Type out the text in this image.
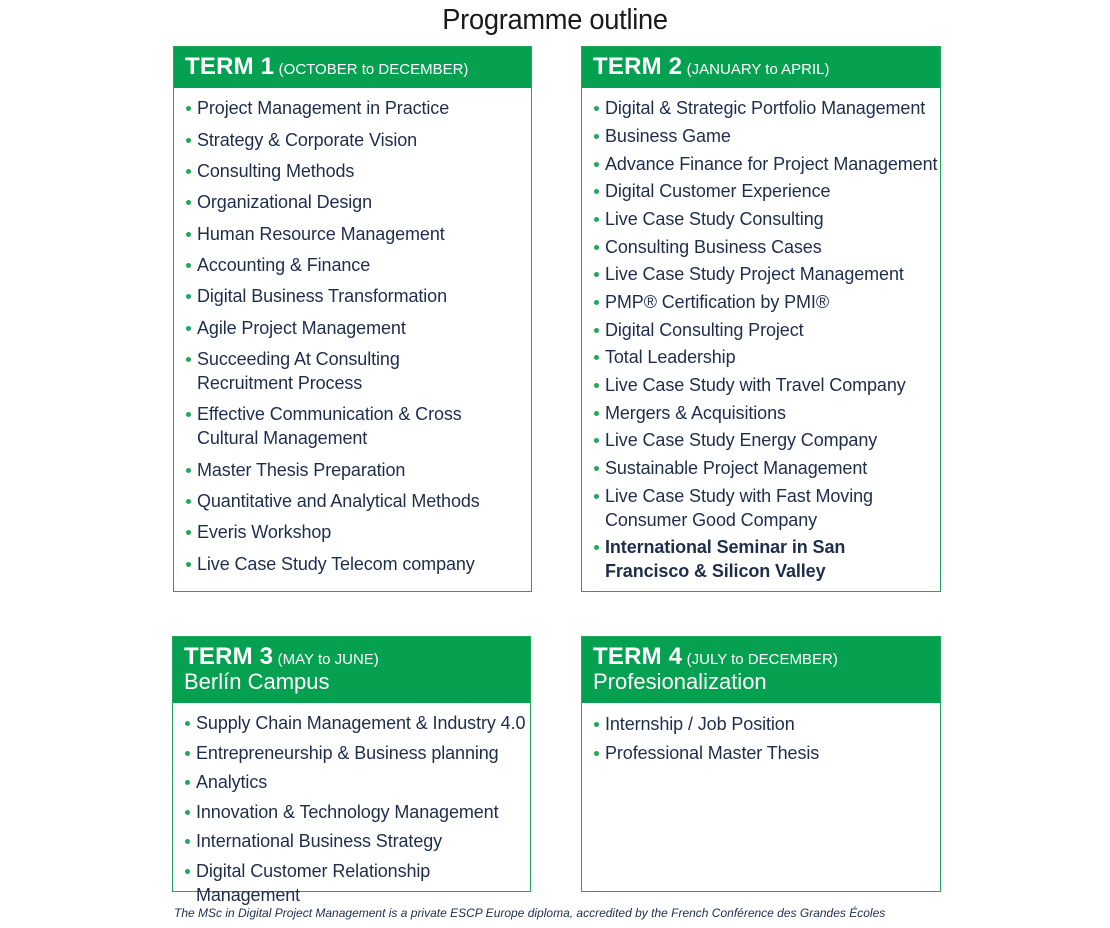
Programme outline
TERM 1 (OCTOBER to DECEMBER)
Project Management in Practice
Strategy & Corporate Vision
Consulting Methods
Organizational Design
Human Resource Management
Accounting & Finance
Digital Business Transformation
Agile Project Management
Succeeding At Consulting Recruitment Process
Effective Communication & Cross Cultural Management
Master Thesis Preparation
Quantitative and Analytical Methods
Everis Workshop
Live Case Study Telecom company
TERM 2 (JANUARY to APRIL)
Digital & Strategic Portfolio Management
Business Game
Advance Finance for Project Management
Digital Customer Experience
Live Case Study Consulting
Consulting Business Cases
Live Case Study Project Management
PMP® Certification by PMI®
Digital Consulting Project
Total Leadership
Live Case Study with Travel Company
Mergers & Acquisitions
Live Case Study Energy Company
Sustainable Project Management
Live Case Study with Fast Moving Consumer Good Company
International Seminar in San Francisco & Silicon Valley
TERM 3 (MAY to JUNE)
Berlín Campus
Supply Chain Management & Industry 4.0
Entrepreneurship & Business planning
Analytics
Innovation & Technology Management
International Business Strategy
Digital Customer Relationship Management
TERM 4 (JULY to DECEMBER)
Profesionalization
Internship / Job Position
Professional Master Thesis
The MSc in Digital Project Management is a private ESCP Europe diploma, accredited by the French Conférence des Grandes Écoles
